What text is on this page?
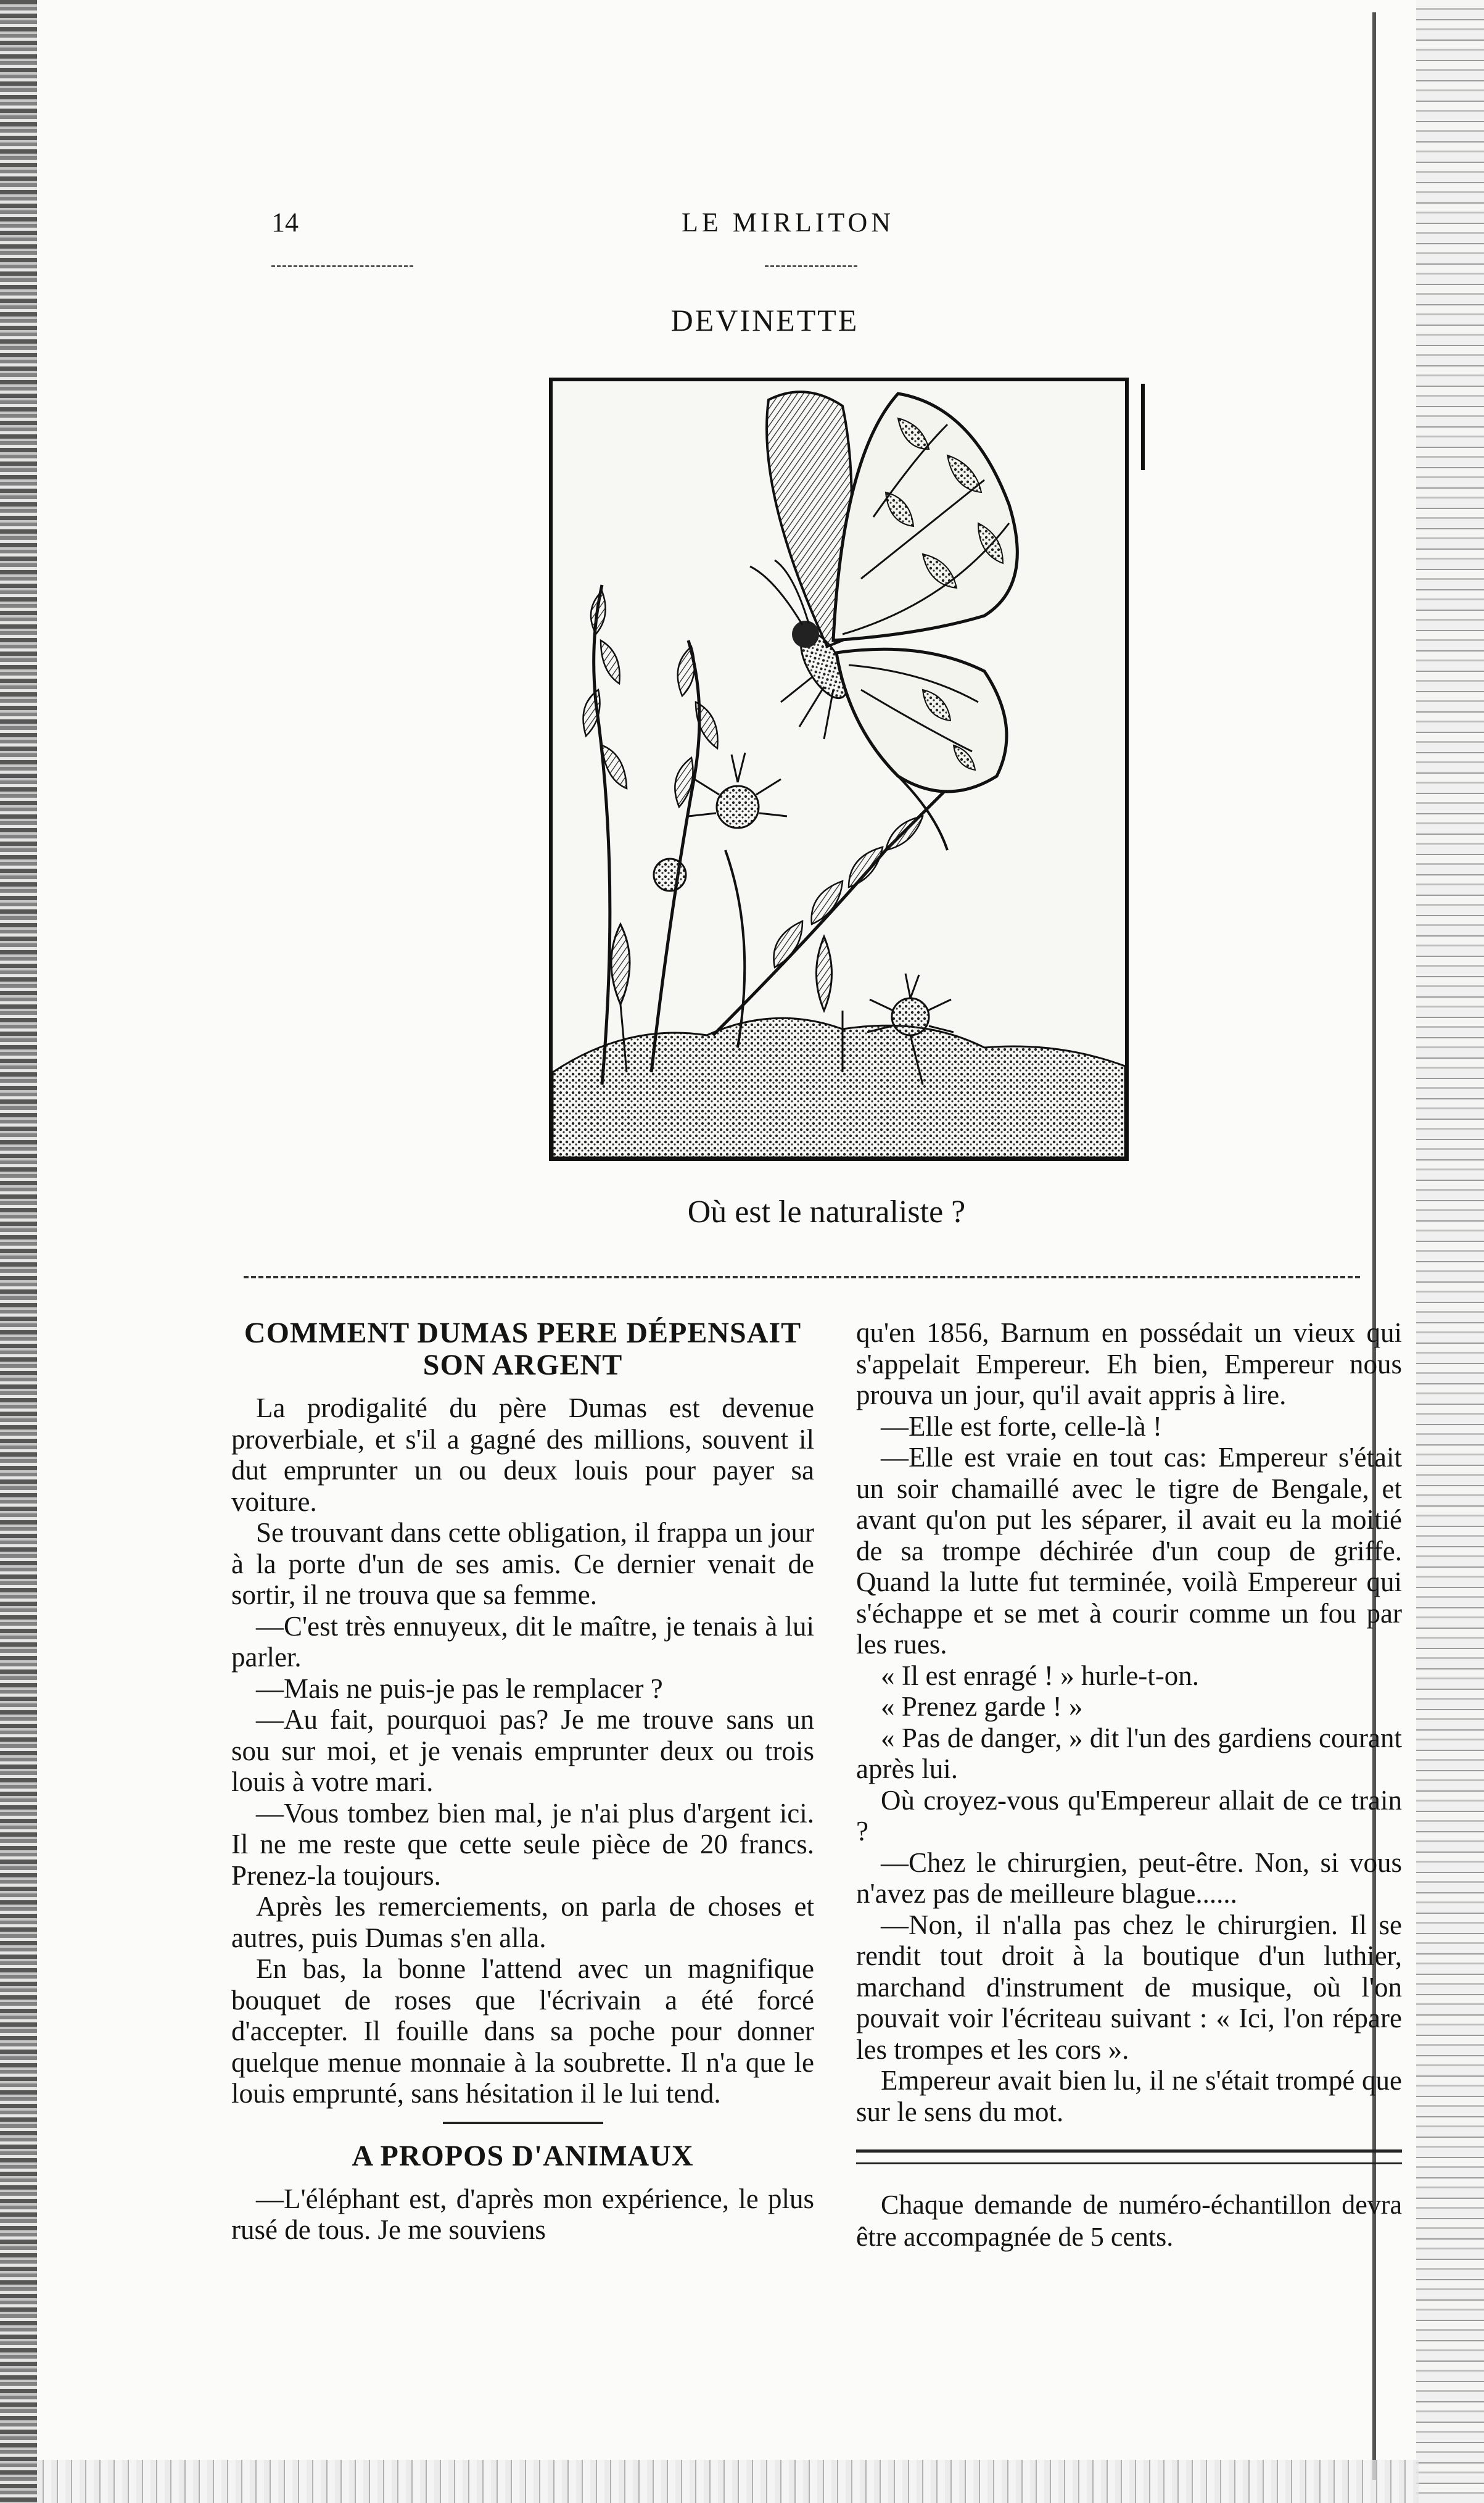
14	LE MIRLITON
DEVINETTE
Où est le naturaliste ?
COMMENT DUMAS PERE DÉPENSAIT SON ARGENT

La prodigalité du père Dumas est devenue proverbiale, et s'il a gagné des millions, souvent il dut emprunter un ou deux louis pour payer sa voiture.

Se trouvant dans cette obligation, il frappa un jour à la porte d'un de ses amis. Ce dernier venait de sortir, il ne trouva que sa femme.

—C'est très ennuyeux, dit le maître, je tenais à lui parler.

—Mais ne puis-je pas le remplacer ?

—Au fait, pourquoi pas? Je me trouve sans un sou sur moi, et je venais emprunter deux ou trois louis à votre mari.

—Vous tombez bien mal, je n'ai plus d'argent ici. Il ne me reste que cette seule pièce de 20 francs. Prenez-la toujours.

Après les remerciements, on parla de choses et autres, puis Dumas s'en alla.

En bas, la bonne l'attend avec un magnifique bouquet de roses que l'écrivain a été forcé d'accepter. Il fouille dans sa poche pour donner quelque menue monnaie à la soubrette. Il n'a que le louis emprunté, sans hésitation il le lui tend.

A PROPOS D'ANIMAUX

—L'éléphant est, d'après mon expérience, le plus rusé de tous. Je me souviens

qu'en 1856, Barnum en possédait un vieux qui s'appelait Empereur. Eh bien, Empereur nous prouva un jour, qu'il avait appris à lire.

—Elle est forte, celle-là !

—Elle est vraie en tout cas: Empereur s'était un soir chamaillé avec le tigre de Bengale, et avant qu'on put les séparer, il avait eu la moitié de sa trompe déchirée d'un coup de griffe. Quand la lutte fut terminée, voilà Empereur qui s'échappe et se met à courir comme un fou par les rues.

« Il est enragé ! » hurle-t-on.

« Prenez garde ! »

« Pas de danger, » dit l'un des gardiens courant après lui.

Où croyez-vous qu'Empereur allait de ce train ?

—Chez le chirurgien, peut-être. Non, si vous n'avez pas de meilleure blague......

—Non, il n'alla pas chez le chirurgien. Il se rendit tout droit à la boutique d'un luthier, marchand d'instrument de musique, où l'on pouvait voir l'écriteau suivant : « Ici, l'on répare les trompes et les cors ».

Empereur avait bien lu, il ne s'était trompé que sur le sens du mot.

Chaque demande de numéro-échantillon devra être accompagnée de 5 cents.
